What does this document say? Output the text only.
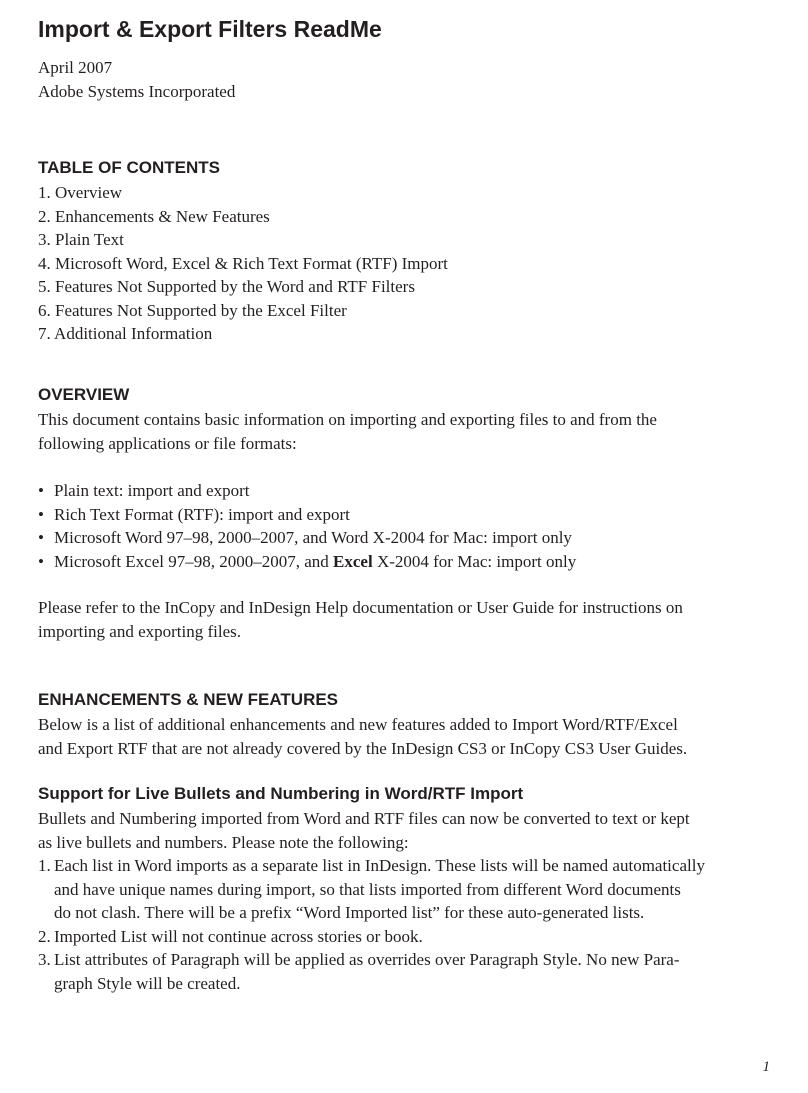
Import & Export Filters ReadMe
April 2007
Adobe Systems Incorporated
TABLE OF CONTENTS
1. Overview
2. Enhancements & New Features
3. Plain Text
4. Microsoft Word, Excel & Rich Text Format (RTF) Import
5. Features Not Supported by the Word and RTF Filters
6. Features Not Supported by the Excel Filter
7. Additional Information
OVERVIEW
This document contains basic information on importing and exporting files to and from the
following applications or file formats:
• Plain text: import and export
• Rich Text Format (RTF): import and export
• Microsoft Word 97–98, 2000–2007, and Word X-2004 for Mac: import only
• Microsoft Excel 97–98, 2000–2007, and Excel X-2004 for Mac: import only
Please refer to the InCopy and InDesign Help documentation or User Guide for instructions on
importing and exporting files.
ENHANCEMENTS & NEW FEATURES
Below is a list of additional enhancements and new features added to Import Word/RTF/Excel
and Export RTF that are not already covered by the InDesign CS3 or InCopy CS3 User Guides.
Support for Live Bullets and Numbering in Word/RTF Import
Bullets and Numbering imported from Word and RTF files can now be converted to text or kept
as live bullets and numbers. Please note the following:
1. Each list in Word imports as a separate list in InDesign. These lists will be named automatically
and have unique names during import, so that lists imported from different Word documents
do not clash. There will be a prefix “Word Imported list” for these auto-generated lists.
2. Imported List will not continue across stories or book.
3. List attributes of Paragraph will be applied as overrides over Paragraph Style. No new Para-
graph Style will be created.
1
